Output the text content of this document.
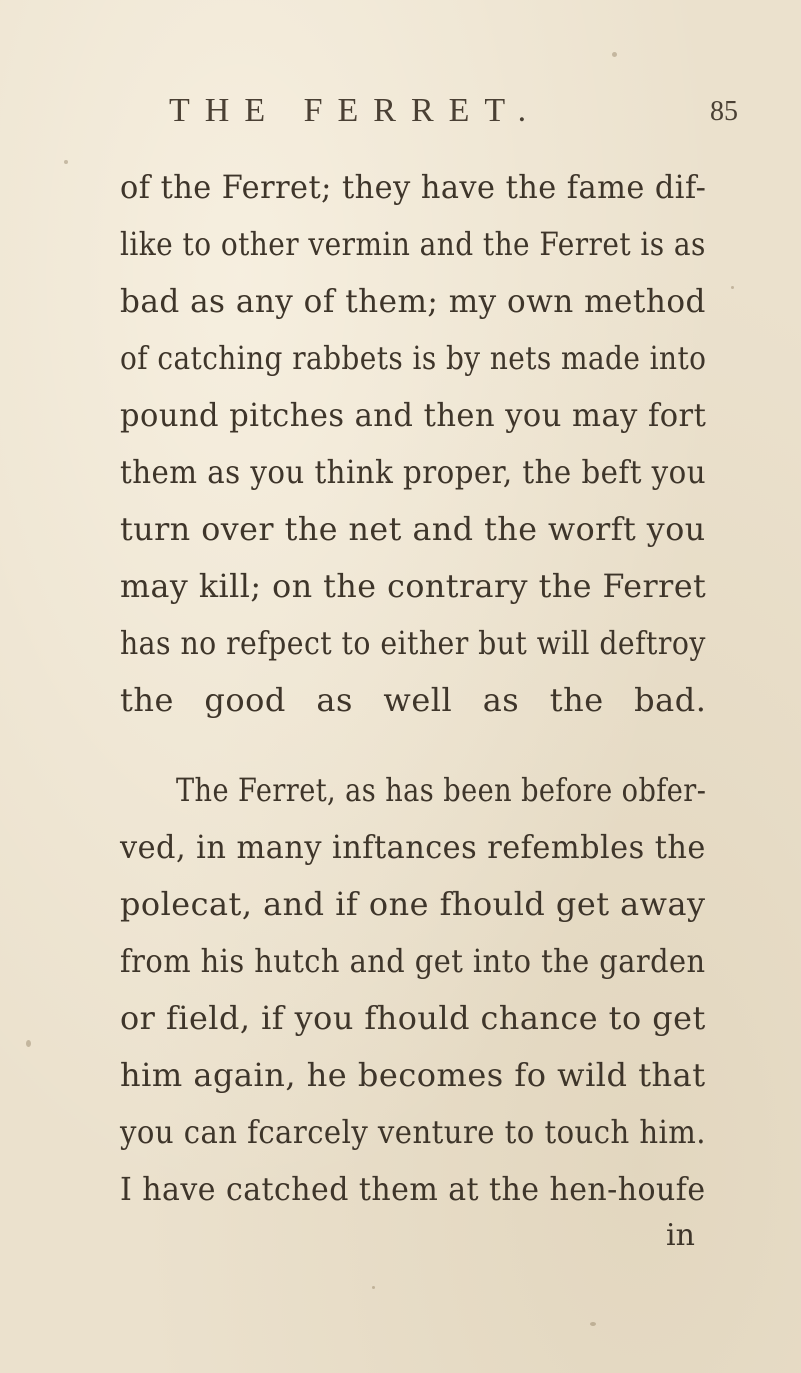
THE FERRET.	85
of the Ferret; they have the fame dif-
like to other vermin and the Ferret is as
bad as any of them; my own method
of catching rabbets is by nets made into
pound pitches and then you may fort
them as you think proper, the beft you
turn over the net and the worft you
may kill; on the contrary the Ferret
has no refpect to either but will deftroy
the good as well as the bad.
The Ferret, as has been before obfer-
ved, in many inftances refembles the
polecat, and if one fhould get away
from his hutch and get into the garden
or field, if you fhould chance to get
him again, he becomes fo wild that
you can fcarcely venture to touch him.
I have catched them at the hen-houfe
in
